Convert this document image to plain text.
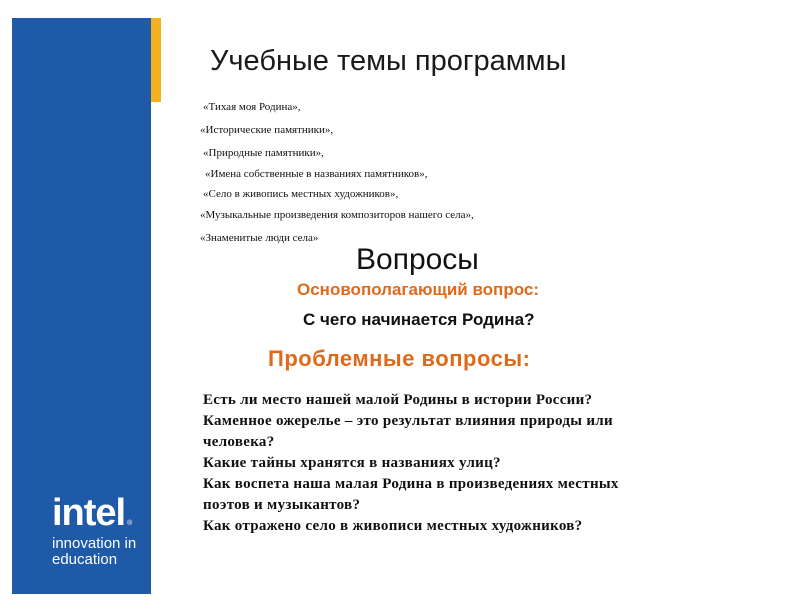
intel $_®$
innovation in
education
Учебные темы программы
«Тихая моя Родина»,
«Исторические памятники»,
«Природные памятники»,
«Имена собственные в названиях памятников»,
«Село в живопись местных художников»,
«Музыкальные произведения композиторов нашего села»,
«Знаменитые люди села»
Вопросы
Основополагающий вопрос:
С чего начинается Родина?
Проблемные вопросы:
Есть ли место нашей малой Родины в истории России?
Каменное ожерелье – это результат влияния природы или
человека?
Какие тайны хранятся в названиях улиц?
Как воспета наша малая Родина в произведениях местных
поэтов и музыкантов?
Как отражено село в живописи местных художников?
